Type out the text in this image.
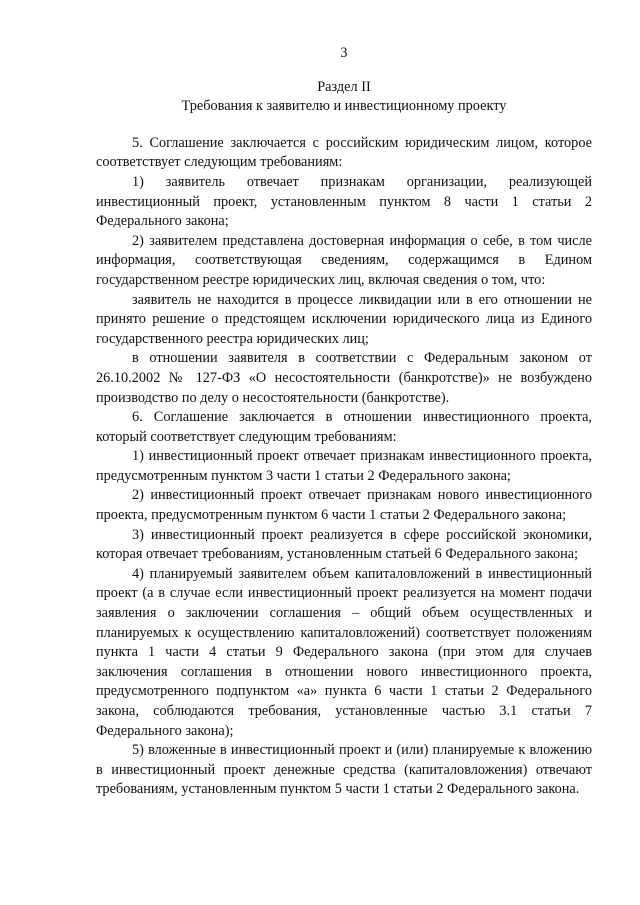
3

Раздел II

Требования к заявителю и инвестиционному проекту

5. Соглашение заключается с российским юридическим лицом, которое соответствует следующим требованиям:

1) заявитель отвечает признакам организации, реализующей инвестиционный проект, установленным пунктом 8 части 1 статьи 2 Федерального закона;

2) заявителем представлена достоверная информация о себе, в том числе информация, соответствующая сведениям, содержащимся в Едином государственном реестре юридических лиц, включая сведения о том, что:

заявитель не находится в процессе ликвидации или в его отношении не принято решение о предстоящем исключении юридического лица из Единого государственного реестра юридических лиц;

в отношении заявителя в соответствии с Федеральным законом от 26.10.2002 № 127-ФЗ «О несостоятельности (банкротстве)» не возбуждено производство по делу о несостоятельности (банкротстве).

6. Соглашение заключается в отношении инвестиционного проекта, который соответствует следующим требованиям:

1) инвестиционный проект отвечает признакам инвестиционного проекта, предусмотренным пунктом 3 части 1 статьи 2 Федерального закона;

2) инвестиционный проект отвечает признакам нового инвестиционного проекта, предусмотренным пунктом 6 части 1 статьи 2 Федерального закона;

3) инвестиционный проект реализуется в сфере российской экономики, которая отвечает требованиям, установленным статьей 6 Федерального закона;

4) планируемый заявителем объем капиталовложений в инвестиционный проект (а в случае если инвестиционный проект реализуется на момент подачи заявления о заключении соглашения – общий объем осуществленных и планируемых к осуществлению капиталовложений) соответствует положениям пункта 1 части 4 статьи 9 Федерального закона (при этом для случаев заключения соглашения в отношении нового инвестиционного проекта, предусмотренного подпунктом «а» пункта 6 части 1 статьи 2 Федерального закона, соблюдаются требования, установленные частью 3.1 статьи 7 Федерального закона);

5) вложенные в инвестиционный проект и (или) планируемые к вложению в инвестиционный проект денежные средства (капиталовложения) отвечают требованиям, установленным пунктом 5 части 1 статьи 2 Федерального закона.
